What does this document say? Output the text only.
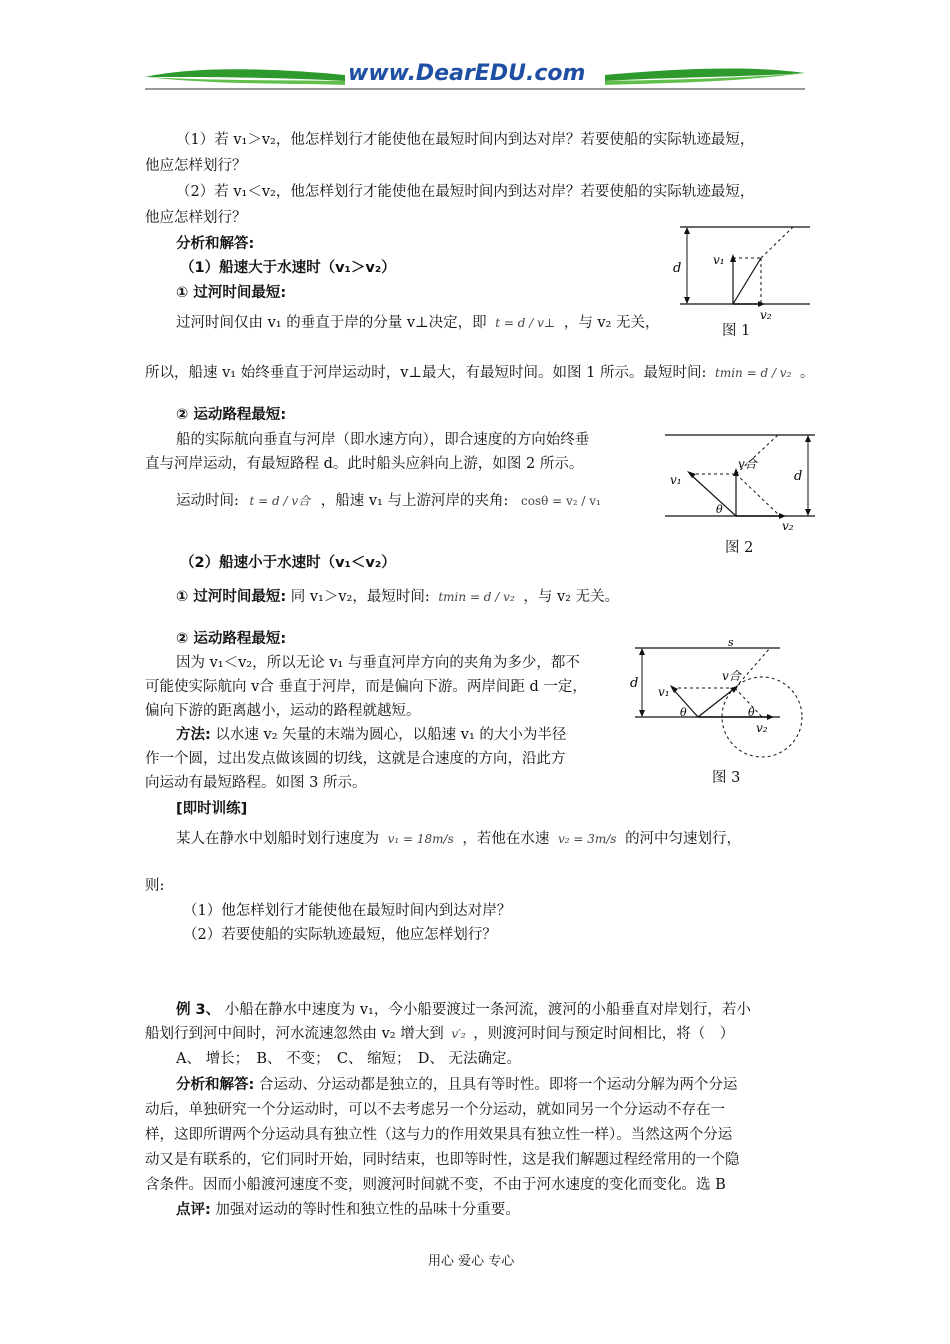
www.DearEDU.com
（1）若 v₁＞v₂，他怎样划行才能使他在最短时间内到达对岸？若要使船的实际轨迹最短，
他应怎样划行？
（2）若 v₁＜v₂，他怎样划行才能使他在最短时间内到达对岸？若要使船的实际轨迹最短，
他应怎样划行？
分析和解答:
（1）船速大于水速时（v₁＞v₂）
① 过河时间最短:
过河时间仅由 v₁ 的垂直于岸的分量 v⊥决定，即 t = d / v⊥ ，与 v₂ 无关，
所以，船速 v₁ 始终垂直于河岸运动时，v⊥最大，有最短时间。如图 1 所示。最短时间: tmin = d / v₂ 。
d
v₁
v₂
图 1
② 运动路程最短:
船的实际航向垂直与河岸（即水速方向），即合速度的方向始终垂
直与河岸运动，有最短路程 d。此时船头应斜向上游，如图 2 所示。
运动时间: t = d / v合 ，船速 v₁ 与上游河岸的夹角: cosθ = v₂ / v₁
d
v₁
v合
θ
v₂
图 2
（2）船速小于水速时（v₁＜v₂）
① 过河时间最短: 同 v₁＞v₂，最短时间: tmin = d / v₂ ，与 v₂ 无关。
② 运动路程最短:
因为 v₁＜v₂，所以无论 v₁ 与垂直河岸方向的夹角为多少，都不
可能使实际航向 v合 垂直于河岸，而是偏向下游。两岸间距 d 一定，
偏向下游的距离越小，运动的路程就越短。
方法: 以水速 v₂ 矢量的末端为圆心，以船速 v₁ 的大小为半径
作一个圆，过出发点做该圆的切线，这就是合速度的方向，沿此方
向运动有最短路程。如图 3 所示。
s
d
v₁
v合
θ	θ
v₂
图 3
[即时训练]
某人在静水中划船时划行速度为 v₁ = 18m/s ，若他在水速 v₂ = 3m/s 的河中匀速划行，
则:
（1）他怎样划行才能使他在最短时间内到达对岸？
（2）若要使船的实际轨迹最短，他应怎样划行？
例 3、 小船在静水中速度为 v₁，今小船要渡过一条河流，渡河的小船垂直对岸划行，若小
船划行到河中间时，河水流速忽然由 v₂ 增大到 v′₂ ，则渡河时间与预定时间相比，将（　）
A、 增长；　B、 不变；　C、 缩短；　D、 无法确定。
分析和解答: 合运动、分运动都是独立的，且具有等时性。即将一个运动分解为两个分运
动后，单独研究一个分运动时，可以不去考虑另一个分运动，就如同另一个分运动不存在一
样，这即所谓两个分运动具有独立性（这与力的作用效果具有独立性一样）。当然这两个分运
动又是有联系的，它们同时开始，同时结束，也即等时性，这是我们解题过程经常用的一个隐
含条件。因而小船渡河速度不变，则渡河时间就不变，不由于河水速度的变化而变化。选 B
点评: 加强对运动的等时性和独立性的品味十分重要。
用心 爱心 专心
